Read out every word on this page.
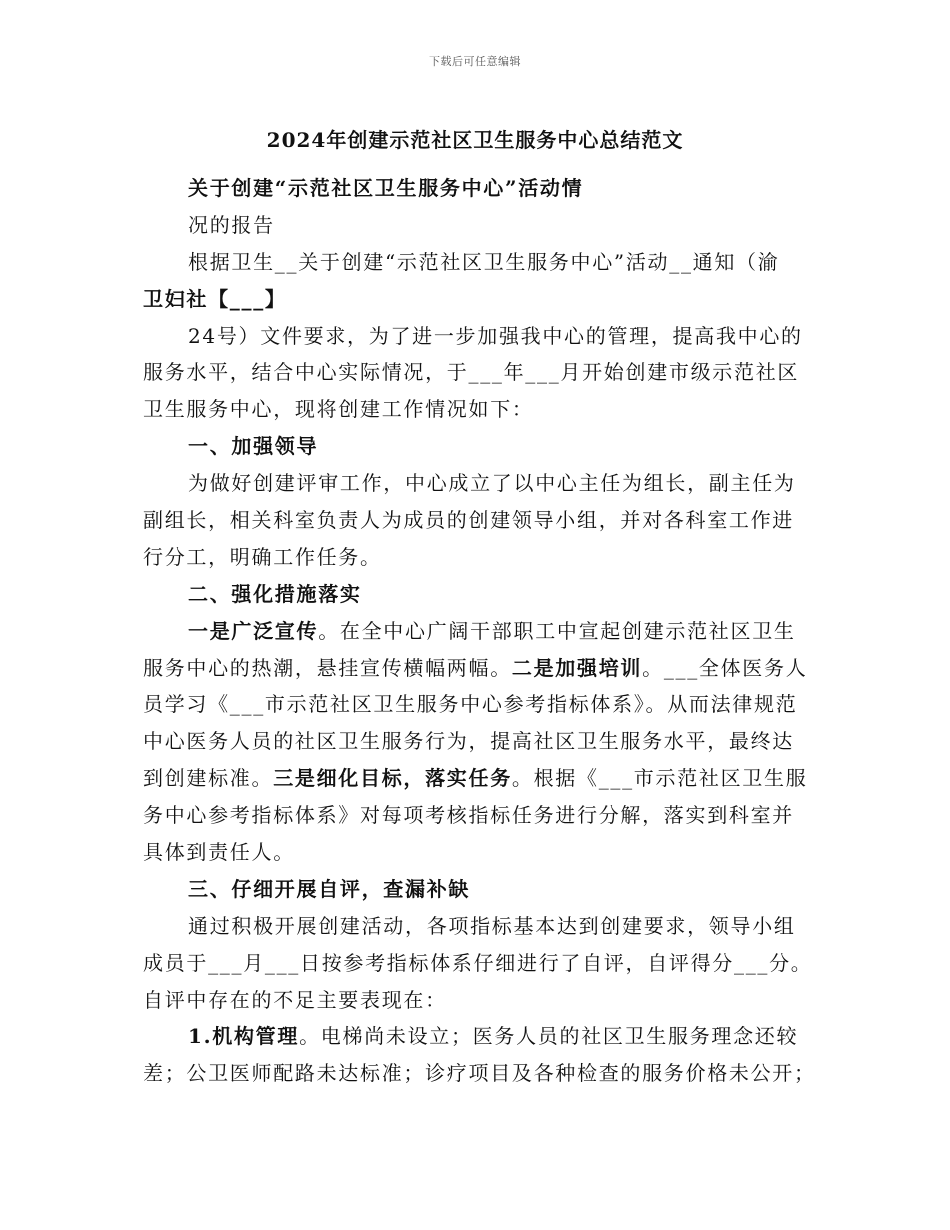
下载后可任意编辑
2024年创建示范社区卫生服务中心总结范文
关于创建“示范社区卫生服务中心”活动情
况的报告
根据卫生__关于创建“示范社区卫生服务中心”活动__通知（渝
卫妇社【___】
24号）文件要求，为了进一步加强我中心的管理，提高我中心的
服务水平，结合中心实际情况，于___年___月开始创建市级示范社区
卫生服务中心，现将创建工作情况如下：
一、加强领导
为做好创建评审工作，中心成立了以中心主任为组长，副主任为
副组长，相关科室负责人为成员的创建领导小组，并对各科室工作进
行分工，明确工作任务。
二、强化措施落实
一是广泛宣传。在全中心广阔干部职工中宣起创建示范社区卫生
服务中心的热潮，悬挂宣传横幅两幅。二是加强培训。___全体医务人
员学习《___市示范社区卫生服务中心参考指标体系》。从而法律规范
中心医务人员的社区卫生服务行为，提高社区卫生服务水平，最终达
到创建标准。三是细化目标，落实任务。根据《___市示范社区卫生服
务中心参考指标体系》对每项考核指标任务进行分解，落实到科室并
具体到责任人。
三、仔细开展自评，查漏补缺
通过积极开展创建活动，各项指标基本达到创建要求，领导小组
成员于___月___日按参考指标体系仔细进行了自评，自评得分___分。
自评中存在的不足主要表现在：
1.机构管理。电梯尚未设立；医务人员的社区卫生服务理念还较
差；公卫医师配路未达标准；诊疗项目及各种检查的服务价格未公开；
